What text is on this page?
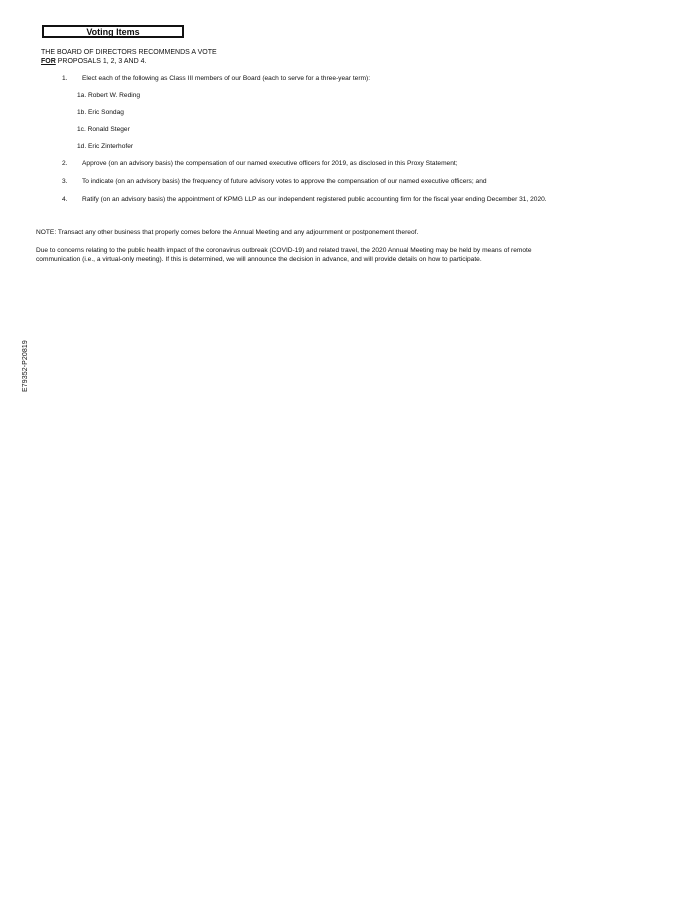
Voting Items
THE BOARD OF DIRECTORS RECOMMENDS A VOTE
FOR PROPOSALS 1, 2, 3 AND 4.
1. Elect each of the following as Class III members of our Board (each to serve for a three-year term):
1a. Robert W. Reding
1b. Eric Sondag
1c. Ronald Steger
1d. Eric Zinterhofer
2. Approve (on an advisory basis) the compensation of our named executive officers for 2019, as disclosed in this Proxy Statement;
3. To indicate (on an advisory basis) the frequency of future advisory votes to approve the compensation of our named executive officers; and
4. Ratify (on an advisory basis) the appointment of KPMG LLP as our independent registered public accounting firm for the fiscal year ending December 31, 2020.
NOTE: Transact any other business that properly comes before the Annual Meeting and any adjournment or postponement thereof.
Due to concerns relating to the public health impact of the coronavirus outbreak (COVID-19) and related travel, the 2020 Annual Meeting may be held by means of remote
communication (i.e., a virtual-only meeting). If this is determined, we will announce the decision in advance, and will provide details on how to participate.
E79352-P20819
